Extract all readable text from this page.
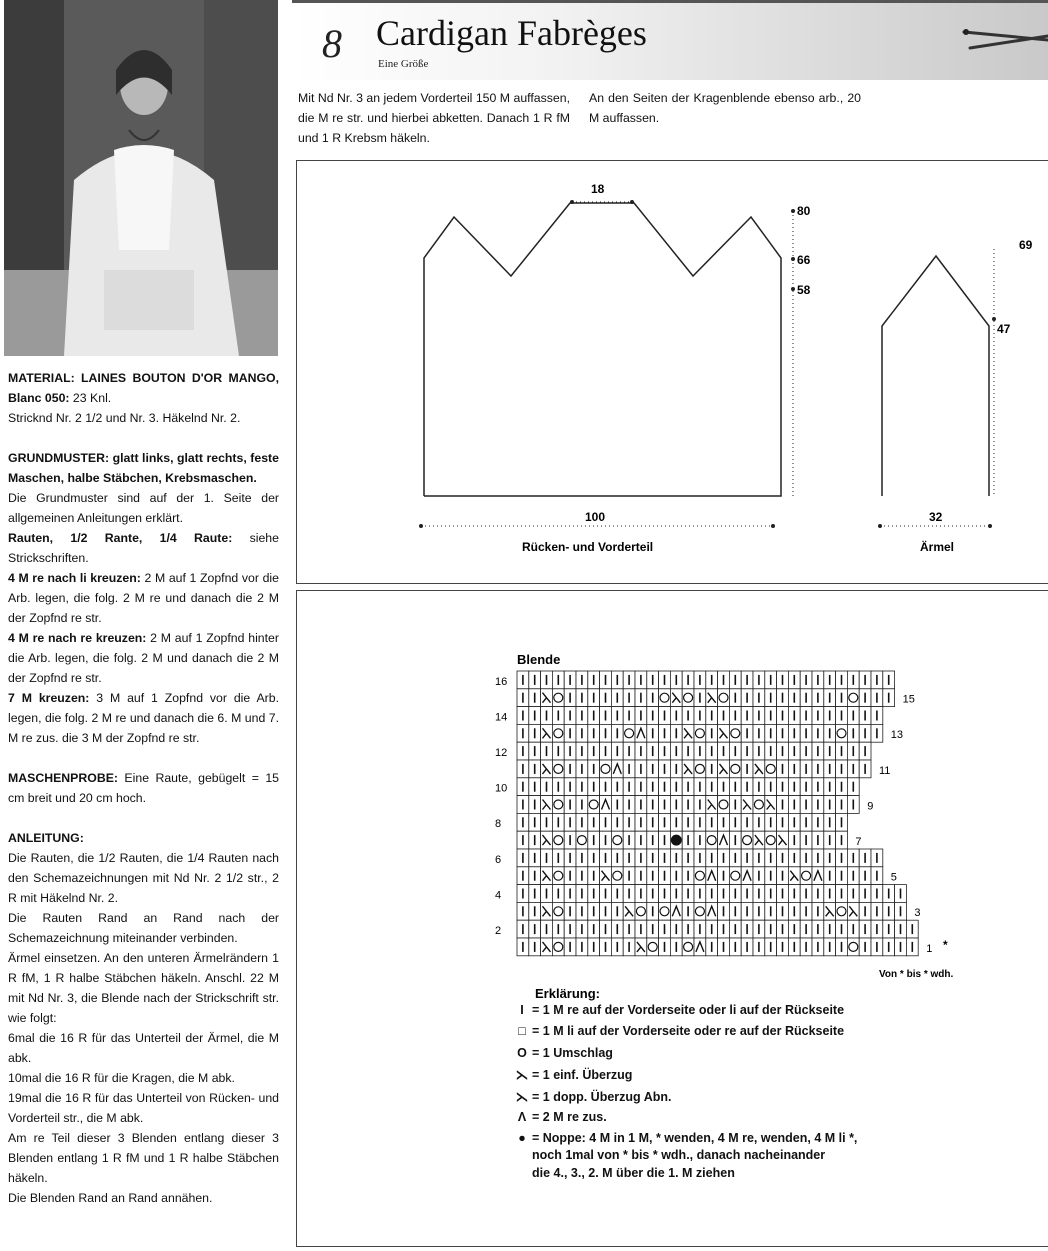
8 Cardigan Fabrèges
Eine Größe

MATERIAL: LAINES BOUTON D'OR MANGO, Blanc 050: 23 Knl.
Stricknd Nr. 2 1/2 und Nr. 3. Häkelnd Nr. 2.

GRUNDMUSTER: glatt links, glatt rechts, feste Maschen, halbe Stäbchen, Krebsmaschen.
Die Grundmuster sind auf der 1. Seite der allgemeinen Anleitungen erklärt.
Rauten, 1/2 Rante, 1/4 Raute: siehe Strickschriften.
4 M re nach li kreuzen: 2 M auf 1 Zopfnd vor die Arb. legen, die folg. 2 M re und danach die 2 M der Zopfnd re str.
4 M re nach re kreuzen: 2 M auf 1 Zopfnd hinter die Arb. legen, die folg. 2 M und danach die 2 M der Zopfnd re str.
7 M kreuzen: 3 M auf 1 Zopfnd vor die Arb. legen, die folg. 2 M re und danach die 6. M und 7. M re zus. die 3 M der Zopfnd re str.

MASCHENPROBE: Eine Raute, gebügelt = 15 cm breit und 20 cm hoch.

ANLEITUNG:
Die Rauten, die 1/2 Rauten, die 1/4 Rauten nach den Schemazeichnungen mit Nd Nr. 2 1/2 str., 2 R mit Häkelnd Nr. 2.
Die Rauten Rand an Rand nach der Schemazeichnung miteinander verbinden.
Ärmel einsetzen. An den unteren Ärmelrändern 1 R fM, 1 R halbe Stäbchen häkeln. Anschl. 22 M mit Nd Nr. 3, die Blende nach der Strickschrift str. wie folgt:
6mal die 16 R für das Unterteil der Ärmel, die M abk.
10mal die 16 R für die Kragen, die M abk.
19mal die 16 R für das Unterteil von Rücken- und Vorderteil str., die M abk.
Am re Teil dieser 3 Blenden entlang dieser 3 Blenden entlang 1 R fM und 1 R halbe Stäbchen häkeln.
Die Blenden Rand an Rand annähen.

Mit Nd Nr. 3 an jedem Vorderteil 150 M auffassen, die M re str. und hierbei abketten. Danach 1 R fM und 1 R Krebsm häkeln.
An den Seiten der Kragenblende ebenso arb., 20 M auffassen.
18
80
66
58
100
Rücken- und Vorderteil
69
47
32
Ärmel
Blende
16
15
14
13
12
11
10
9
8
7
6
5
4
3
2
1 *
Von * bis * wdh.
Erklärung:
I = 1 M re auf der Vorderseite oder li auf der Rückseite
□ = 1 M li auf der Vorderseite oder re auf der Rückseite
O = 1 Umschlag
⋋ = 1 einf. Überzug
⋋ = 1 dopp. Überzug Abn.
Λ = 2 M re zus.
● = Noppe: 4 M in 1 M, * wenden, 4 M re, wenden, 4 M li *,
noch 1mal von * bis * wdh., danach nacheinander
die 4., 3., 2. M über die 1. M ziehen
